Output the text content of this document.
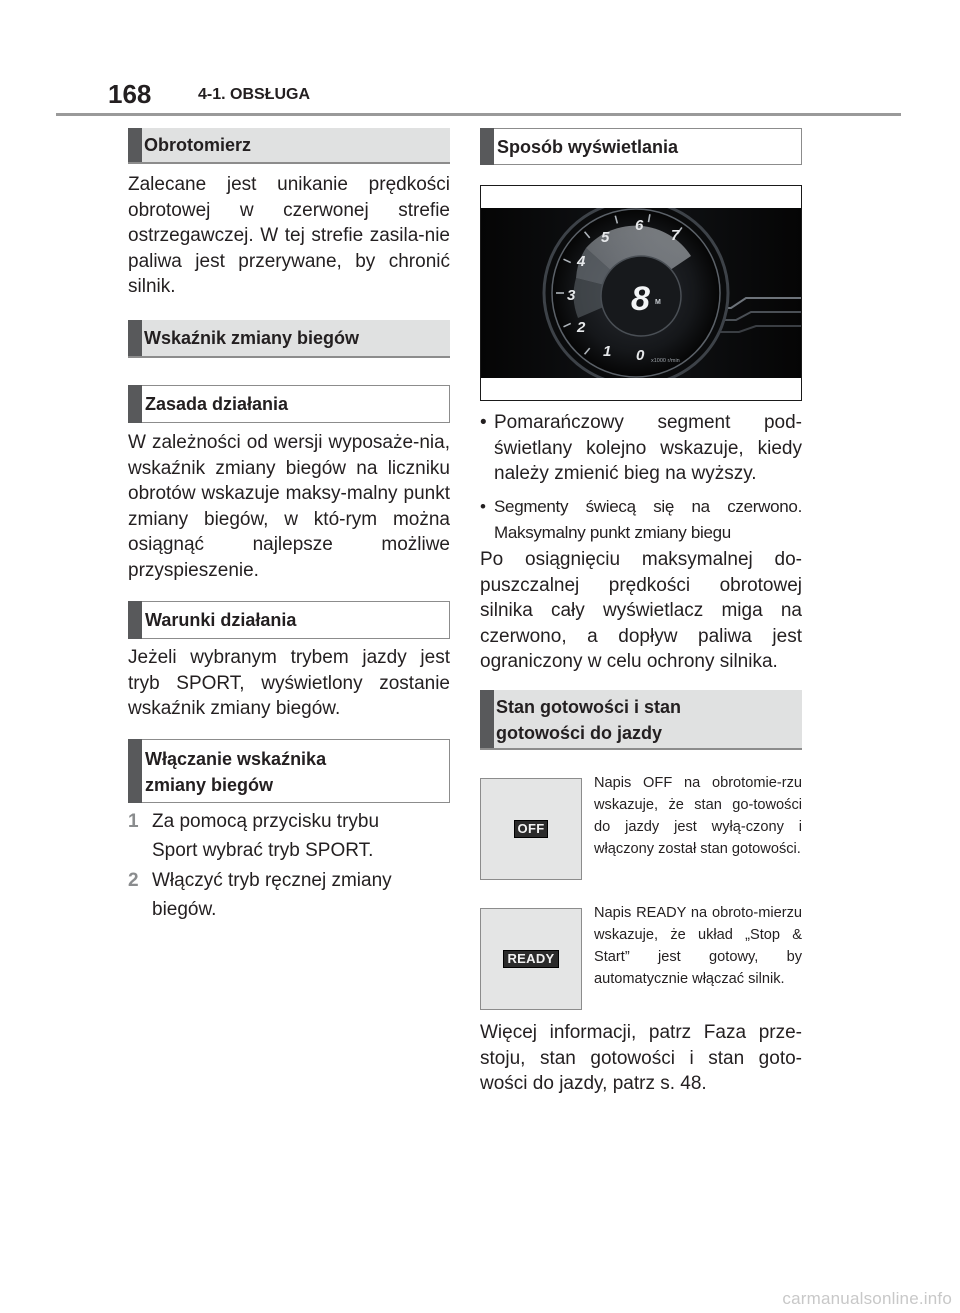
168	4-1. OBSŁUGA
Obrotomierz
Zalecane jest unikanie prędkości obrotowej w czerwonej strefie ostrzegawczej. W tej strefie zasila-nie paliwa jest przerywane, by chronić silnik.
Wskaźnik zmiany biegów
Zasada działania
W zależności od wersji wyposaże-nia, wskaźnik zmiany biegów na liczniku obrotów wskazuje maksy-malny punkt zmiany biegów, w któ-rym można osiągnąć najlepsze możliwe przyspieszenie.
Warunki działania
Jeżeli wybranym trybem jazdy jest tryb SPORT, wyświetlony zostanie wskaźnik zmiany biegów.
Włączanie wskaźnika
zmiany biegów
1 Za pomocą przycisku trybu
Sport wybrać tryb SPORT.
2 Włączyć tryb ręcznej zmiany
biegów.
Sposób wyświetlania
0
1
2
3
4
5
6
7
8 M
x1000 r/min
• Pomarańczowy segment pod-świetlany kolejno wskazuje, kiedy należy zmienić bieg na wyższy.
• Segmenty świecą się na czerwono. Maksymalny punkt zmiany biegu
Po osiągnięciu maksymalnej do-puszczalnej prędkości obrotowej silnika cały wyświetlacz miga na czerwono, a dopływ paliwa jest ograniczony w celu ochrony silnika.
Stan gotowości i stan
gotowości do jazdy
OFF
Napis OFF na obrotomie-rzu wskazuje, że stan go-towości do jazdy jest wyłą-czony i włączony został stan gotowości.
READY
Napis READY na obroto-mierzu wskazuje, że układ „Stop & Start” jest gotowy, by automatycznie włączać silnik.
Więcej informacji, patrz Faza prze-stoju, stan gotowości i stan goto-wości do jazdy, patrz s. 48.
carmanualsonline.info
